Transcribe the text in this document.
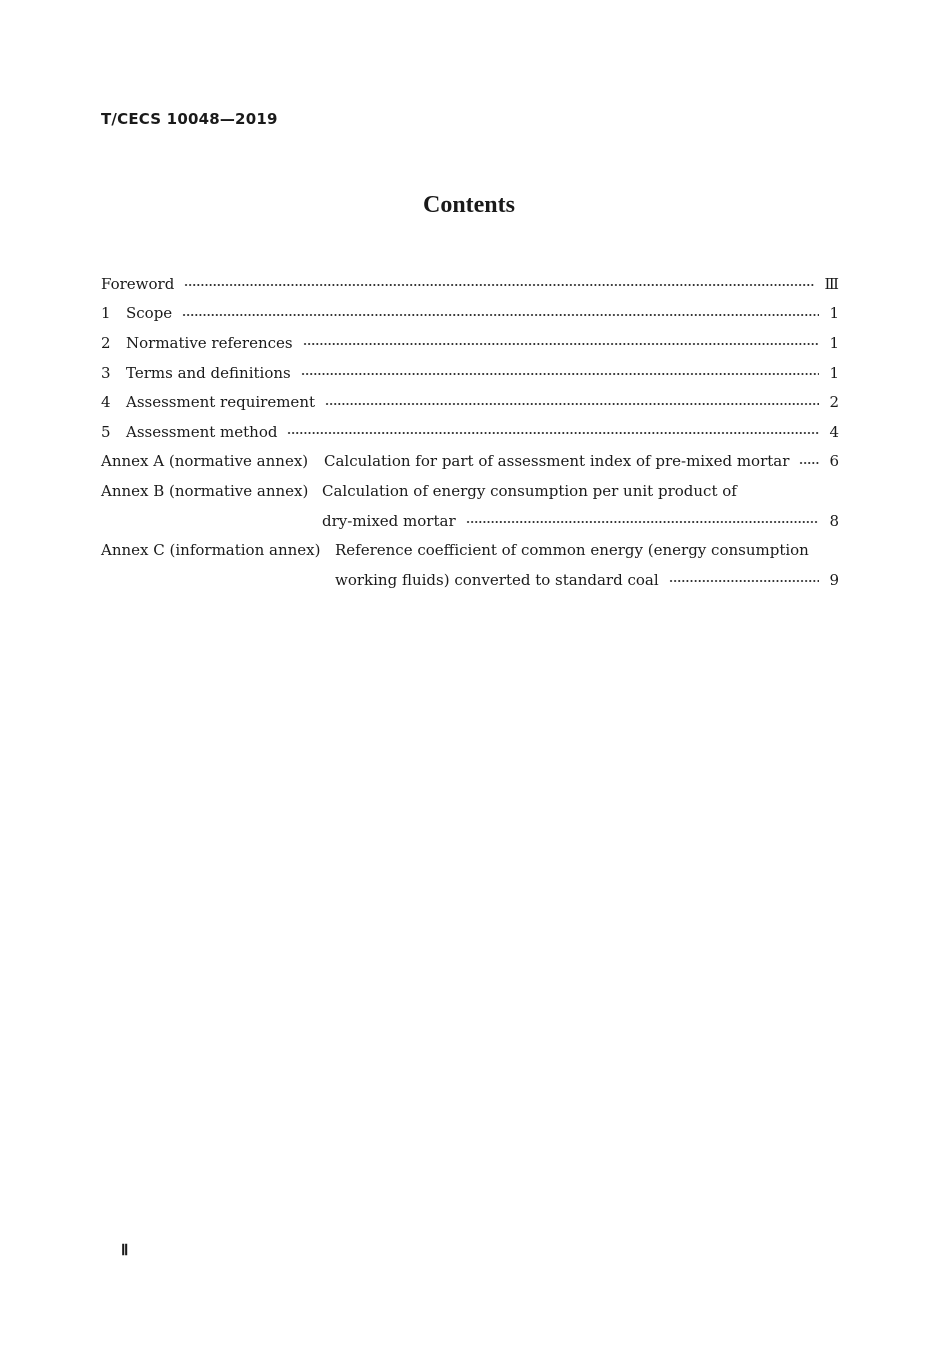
T/CECS 10048—2019
Contents
Foreword	Ⅲ
1	Scope	1
2	Normative references	1
3	Terms and definitions	1
4	Assessment requirement	2
5	Assessment method	4
Annex A (normative annex)	Calculation for part of assessment index of pre-mixed mortar	6
Annex B (normative annex) Calculation of energy consumption per unit product of
dry-mixed mortar	8
Annex C (information annex) Reference coefficient of common energy (energy consumption
working fluids) converted to standard coal	9
Ⅱ
